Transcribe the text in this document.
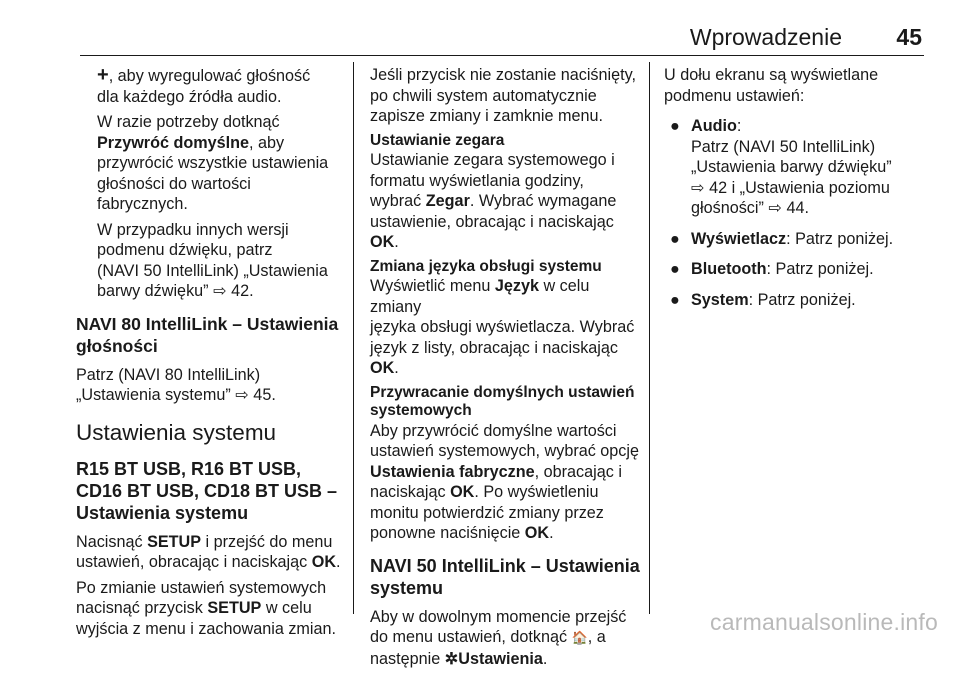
Wprowadzenie 45

+, aby wyregulować głośność
dla każdego źródła audio.

W razie potrzeby dotknąć
Przywróć domyślne, aby
przywrócić wszystkie ustawienia
głośności do wartości
fabrycznych.

W przypadku innych wersji
podmenu dźwięku, patrz
(NAVI 50 IntelliLink) „Ustawienia
barwy dźwięku” ⇨ 42.

NAVI 80 IntelliLink – Ustawienia głośności

Patrz (NAVI 80 IntelliLink)
„Ustawienia systemu” ⇨ 45.

Ustawienia systemu
R15 BT USB, R16 BT USB, CD16 BT USB, CD18 BT USB – Ustawienia systemu

Nacisnąć SETUP i przejść do menu
ustawień, obracając i naciskając OK.

Po zmianie ustawień systemowych
nacisnąć przycisk SETUP w celu
wyjścia z menu i zachowania zmian.

Jeśli przycisk nie zostanie naciśnięty,
po chwili system automatycznie
zapisze zmiany i zamknie menu.

Ustawianie zegara
Ustawianie zegara systemowego i
formatu wyświetlania godziny,
wybrać Zegar. Wybrać wymagane
ustawienie, obracając i naciskając
OK.

Zmiana języka obsługi systemu
Wyświetlić menu Język w celu zmiany
języka obsługi wyświetlacza. Wybrać
język z listy, obracając i naciskając
OK.

Przywracanie domyślnych ustawień systemowych
Aby przywrócić domyślne wartości
ustawień systemowych, wybrać opcję
Ustawienia fabryczne, obracając i
naciskając OK. Po wyświetleniu
monitu potwierdzić zmiany przez
ponowne naciśnięcie OK.

NAVI 50 IntelliLink – Ustawienia systemu

Aby w dowolnym momencie przejść
do menu ustawień, dotknąć 🏠, a
następnie ✲Ustawienia.

U dołu ekranu są wyświetlane
podmenu ustawień:

● Audio:
Patrz (NAVI 50 IntelliLink)
„Ustawienia barwy dźwięku”
⇨ 42 i „Ustawienia poziomu
głośności” ⇨ 44.
● Wyświetlacz: Patrz poniżej.
● Bluetooth: Patrz poniżej.
● System: Patrz poniżej.
carmanualsonline.info
